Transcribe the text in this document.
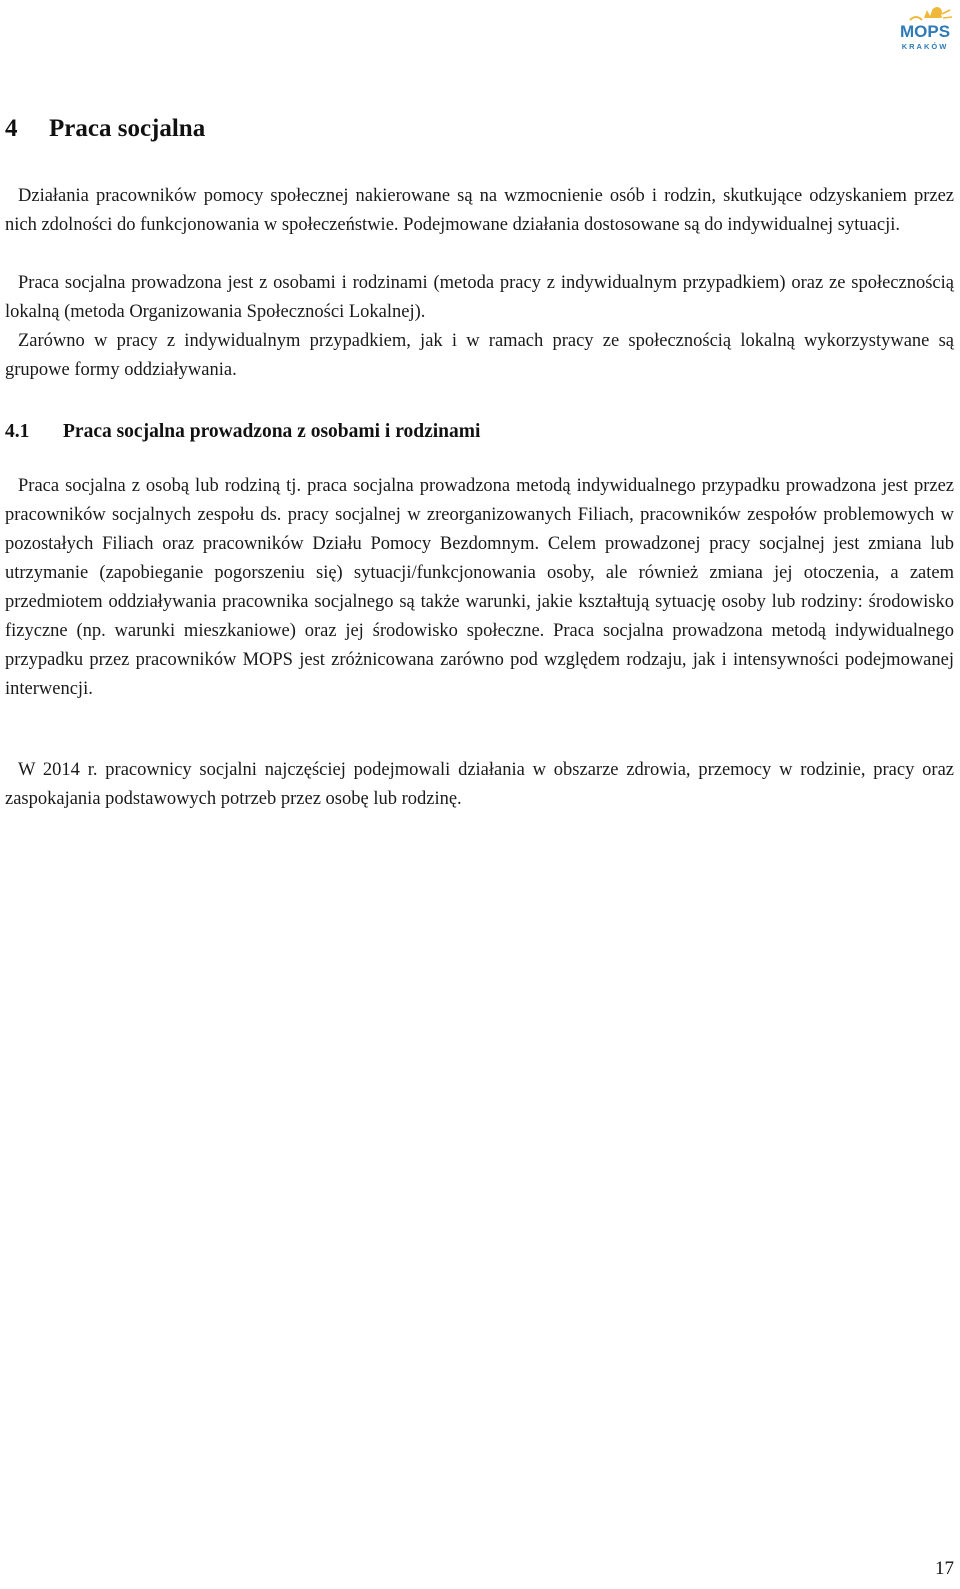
MOPS
KRAKÓW
4 Praca socjalna

Działania pracowników pomocy społecznej nakierowane są na wzmocnienie osób i rodzin, skutkujące odzyskaniem przez nich zdolności do funkcjonowania w społeczeństwie. Podejmowane działania dostosowane są do indywidualnej sytuacji.

Praca socjalna prowadzona jest z osobami i rodzinami (metoda pracy z indywidualnym przypadkiem) oraz ze społecznością lokalną (metoda Organizowania Społeczności Lokalnej).

Zarówno w pracy z indywidualnym przypadkiem, jak i w ramach pracy ze społecznością lokalną wykorzystywane są grupowe formy oddziaływania.

4.1 Praca socjalna prowadzona z osobami i rodzinami

Praca socjalna z osobą lub rodziną tj. praca socjalna prowadzona metodą indywidualnego przypadku prowadzona jest przez pracowników socjalnych zespołu ds. pracy socjalnej w zreorganizowanych Filiach, pracowników zespołów problemowych w pozostałych Filiach oraz pracowników Działu Pomocy Bezdomnym. Celem prowadzonej pracy socjalnej jest zmiana lub utrzymanie (zapobieganie pogorszeniu się) sytuacji/funkcjonowania osoby, ale również zmiana jej otoczenia, a zatem przedmiotem oddziaływania pracownika socjalnego są także warunki, jakie kształtują sytuację osoby lub rodziny: środowisko fizyczne (np. warunki mieszkaniowe) oraz jej środowisko społeczne. Praca socjalna prowadzona metodą indywidualnego przypadku przez pracowników MOPS jest zróżnicowana zarówno pod względem rodzaju, jak i intensywności podejmowanej interwencji.

W 2014 r. pracownicy socjalni najczęściej podejmowali działania w obszarze zdrowia, przemocy w rodzinie, pracy oraz zaspokajania podstawowych potrzeb przez osobę lub rodzinę.

17
